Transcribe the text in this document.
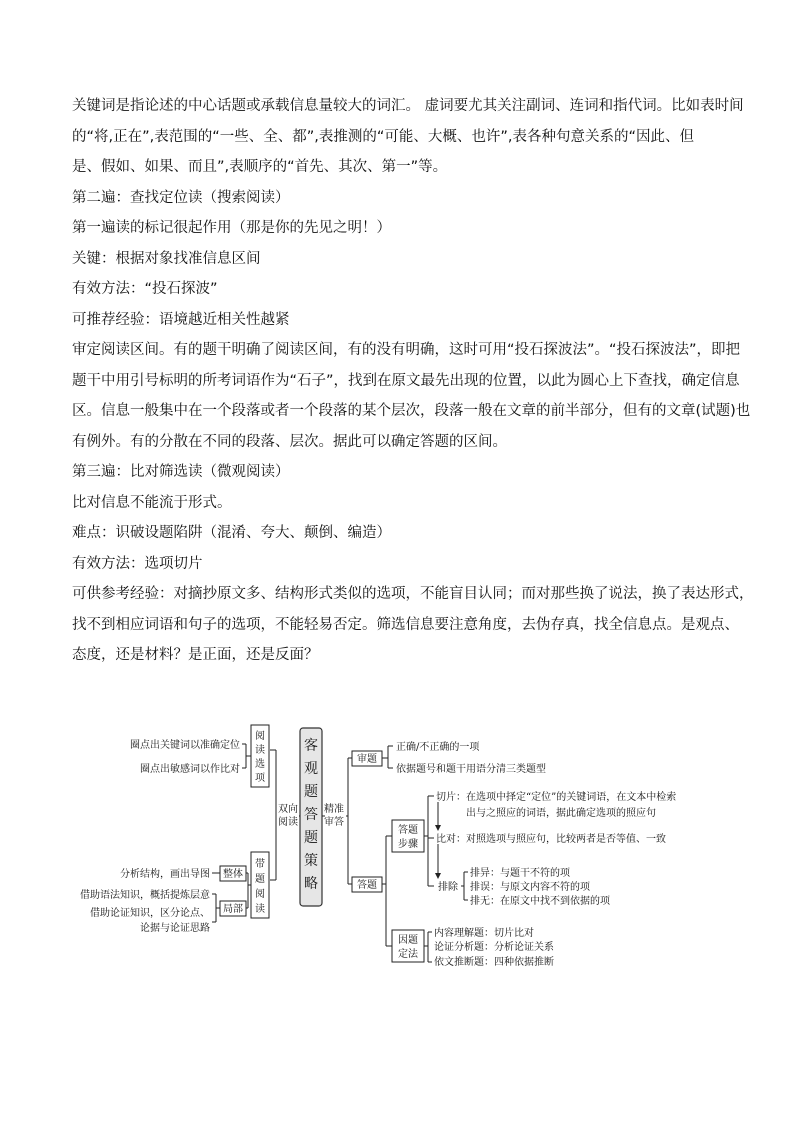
关键词是指论述的中心话题或承载信息量较大的词汇。 虚词要尤其关注副词、连词和指代词。比如表时间

的“将,正在”,表范围的“一些、全、都”,表推测的“可能、大概、也许”,表各种句意关系的“因此、但

是、假如、如果、而且”,表顺序的“首先、其次、第一”等。

第二遍：查找定位读（搜索阅读）

第一遍读的标记很起作用（那是你的先见之明！）

关键：根据对象找准信息区间

有效方法：“投石探波”

可推荐经验：语境越近相关性越紧

审定阅读区间。有的题干明确了阅读区间，有的没有明确，这时可用“投石探波法”。“投石探波法”，即把

题干中用引号标明的所考词语作为“石子”，找到在原文最先出现的位置，以此为圆心上下查找，确定信息

区。信息一般集中在一个段落或者一个段落的某个层次，段落一般在文章的前半部分，但有的文章(试题)也

有例外。有的分散在不同的段落、层次。据此可以确定答题的区间。

第三遍：比对筛选读（微观阅读）

比对信息不能流于形式。

难点：识破设题陷阱（混淆、夸大、颠倒、编造）

有效方法：选项切片

可供参考经验：对摘抄原文多、结构形式类似的选项，不能盲目认同；而对那些换了说法，换了表达形式，

找不到相应词语和句子的选项，不能轻易否定。筛选信息要注意角度，去伪存真，找全信息点。是观点、

态度，还是材料？是正面，还是反面？

客
观
题
答
题
策
略
双向
阅读
阅
读
选
项
圈点出关键词以准确定位
圈点出敏感词以作比对
带
题
阅
读
整体
分析结构，画出导图
局部
借助语法知识，概括提炼层意
借助论证知识，区分论点、
论据与论证思路
精准
审答
审题
正确/不正确的一项
依据题号和题干用语分清三类题型
答题
答题
步骤
切片：在选项中择定“定位”的关键词语，在文本中检索
出与之照应的词语，据此确定选项的照应句
比对：对照选项与照应句，比较两者是否等值、一致
排除
排异：与题干不符的项
排误：与原文内容不符的项
排无：在原文中找不到依据的项
因题
定法
内容理解题：切片比对
论证分析题：分析论证关系
依文推断题：四种依据推断
